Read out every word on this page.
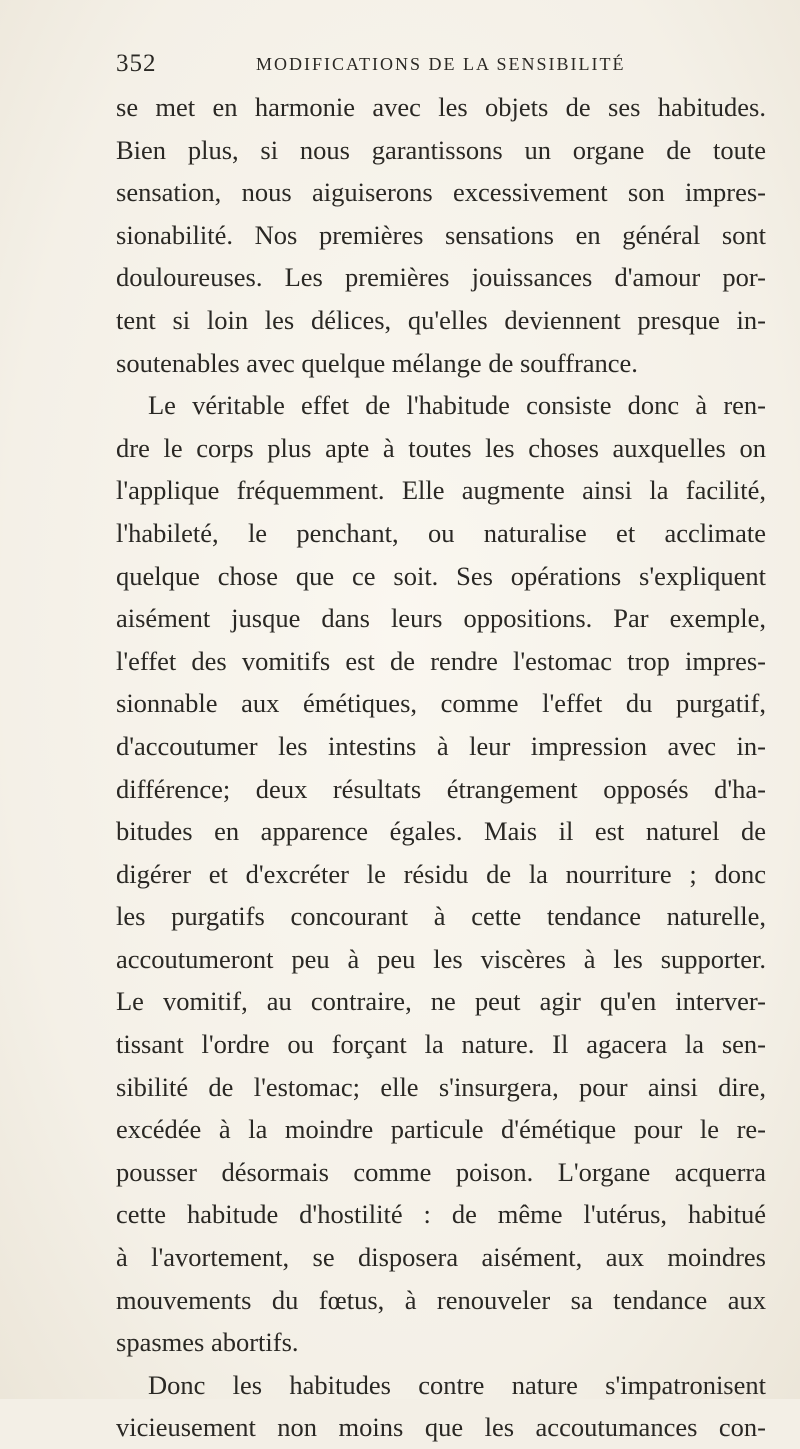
352	MODIFICATIONS DE LA SENSIBILITÉ
se met en harmonie avec les objets de ses habitudes.
Bien plus, si nous garantissons un organe de toute
sensation, nous aiguiserons excessivement son impres-
sionabilité. Nos premières sensations en général sont
douloureuses. Les premières jouissances d'amour por-
tent si loin les délices, qu'elles deviennent presque in-
soutenables avec quelque mélange de souffrance.
Le véritable effet de l'habitude consiste donc à ren-
dre le corps plus apte à toutes les choses auxquelles on
l'applique fréquemment. Elle augmente ainsi la facilité,
l'habileté, le penchant, ou naturalise et acclimate
quelque chose que ce soit. Ses opérations s'expliquent
aisément jusque dans leurs oppositions. Par exemple,
l'effet des vomitifs est de rendre l'estomac trop impres-
sionnable aux émétiques, comme l'effet du purgatif,
d'accoutumer les intestins à leur impression avec in-
différence; deux résultats étrangement opposés d'ha-
bitudes en apparence égales. Mais il est naturel de
digérer et d'excréter le résidu de la nourriture ; donc
les purgatifs concourant à cette tendance naturelle,
accoutumeront peu à peu les viscères à les supporter.
Le vomitif, au contraire, ne peut agir qu'en interver-
tissant l'ordre ou forçant la nature. Il agacera la sen-
sibilité de l'estomac; elle s'insurgera, pour ainsi dire,
excédée à la moindre particule d'émétique pour le re-
pousser désormais comme poison. L'organe acquerra
cette habitude d'hostilité : de même l'utérus, habitué
à l'avortement, se disposera aisément, aux moindres
mouvements du fœtus, à renouveler sa tendance aux
spasmes abortifs.
Donc les habitudes contre nature s'impatronisent
vicieusement non moins que les accoutumances con-
